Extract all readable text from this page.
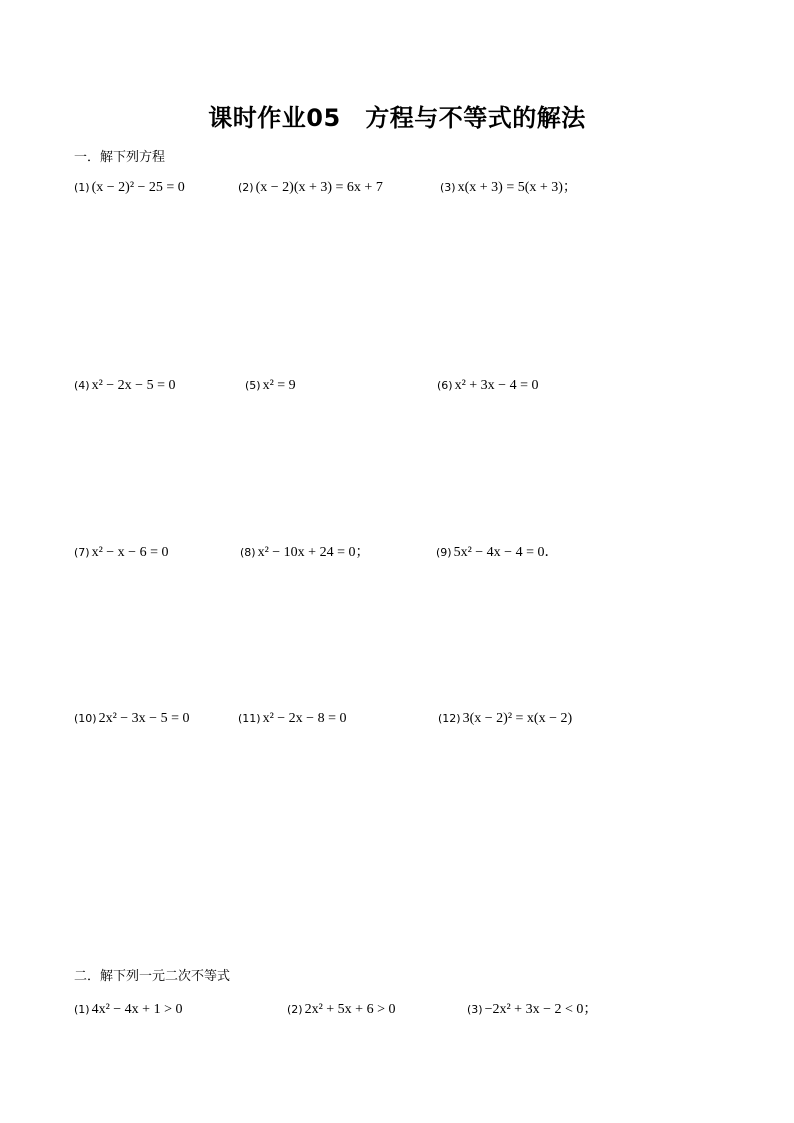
课时作业05　方程与不等式的解法
一．解下列方程
(1) (x − 2)² − 25 = 0	(2) (x − 2)(x + 3) = 6x + 7	(3) x(x + 3) = 5(x + 3)；
(4) x² − 2x − 5 = 0	(5) x² = 9	(6) x² + 3x − 4 = 0
(7) x² − x − 6 = 0	(8) x² − 10x + 24 = 0；	(9) 5x² − 4x − 4 = 0．
(10) 2x² − 3x − 5 = 0	(11) x² − 2x − 8 = 0	(12) 3(x − 2)² = x(x − 2)
二．解下列一元二次不等式
(1) 4x² − 4x + 1 > 0	(2) 2x² + 5x + 6 > 0	(3) −2x² + 3x − 2 < 0；
